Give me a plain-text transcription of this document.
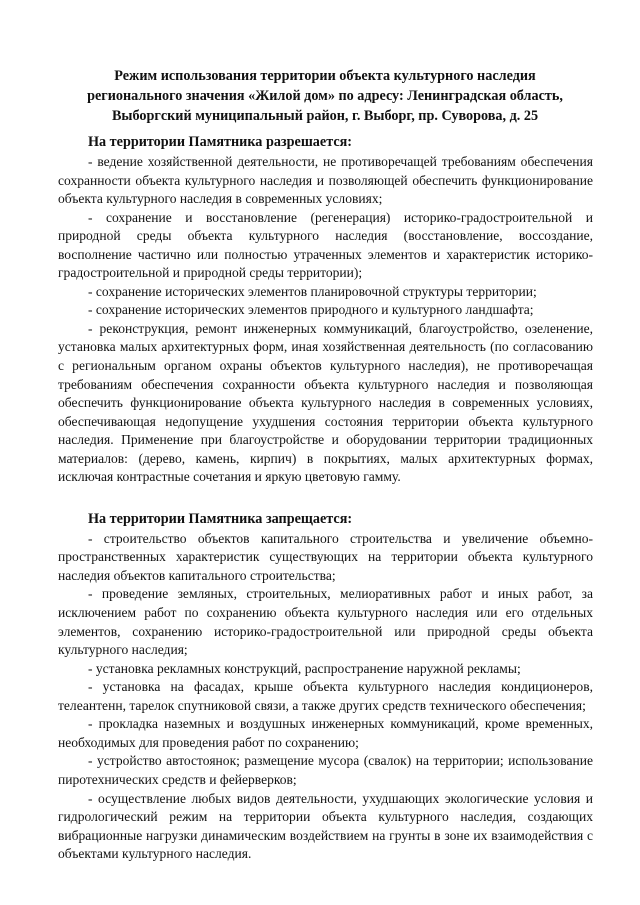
Режим использования территории объекта культурного наследия регионального значения «Жилой дом» по адресу: Ленинградская область, Выборгский муниципальный район, г. Выборг, пр. Суворова, д. 25
На территории Памятника разрешается:

- ведение хозяйственной деятельности, не противоречащей требованиям обеспечения сохранности объекта культурного наследия и позволяющей обеспечить функционирование объекта культурного наследия в современных условиях;

- сохранение и восстановление (регенерация) историко-градостроительной и природной среды объекта культурного наследия (восстановление, воссоздание, восполнение частично или полностью утраченных элементов и характеристик историко-градостроительной и природной среды территории);

- сохранение исторических элементов планировочной структуры территории;

- сохранение исторических элементов природного и культурного ландшафта;

- реконструкция, ремонт инженерных коммуникаций, благоустройство, озеленение, установка малых архитектурных форм, иная хозяйственная деятельность (по согласованию с региональным органом охраны объектов культурного наследия), не противоречащая требованиям обеспечения сохранности объекта культурного наследия и позволяющая обеспечить функционирование объекта культурного наследия в современных условиях, обеспечивающая недопущение ухудшения состояния территории объекта культурного наследия. Применение при благоустройстве и оборудовании территории традиционных материалов: (дерево, камень, кирпич) в покрытиях, малых архитектурных формах, исключая контрастные сочетания и яркую цветовую гамму.

На территории Памятника запрещается:

- строительство объектов капитального строительства и увеличение объемно-пространственных характеристик существующих на территории объекта культурного наследия объектов капитального строительства;

- проведение земляных, строительных, мелиоративных работ и иных работ, за исключением работ по сохранению объекта культурного наследия или его отдельных элементов, сохранению историко-градостроительной или природной среды объекта культурного наследия;

- установка рекламных конструкций, распространение наружной рекламы;

- установка на фасадах, крыше объекта культурного наследия кондиционеров, телеантенн, тарелок спутниковой связи, а также других средств технического обеспечения;

- прокладка наземных и воздушных инженерных коммуникаций, кроме временных, необходимых для проведения работ по сохранению;

- устройство автостоянок; размещение мусора (свалок) на территории; использование пиротехнических средств и фейерверков;

- осуществление любых видов деятельности, ухудшающих экологические условия и гидрологический режим на территории объекта культурного наследия, создающих вибрационные нагрузки динамическим воздействием на грунты в зоне их взаимодействия с объектами культурного наследия.
